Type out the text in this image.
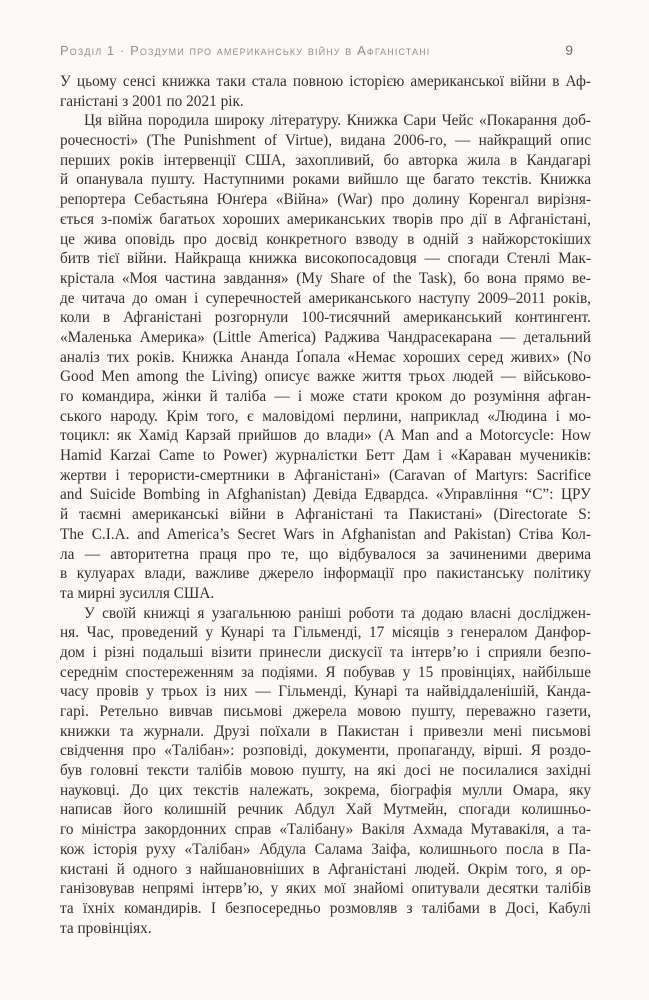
Розділ 1 · Роздуми про американську війну в Афганістані	9
У цьому сенсі книжка таки стала повною історією американської війни в Аф-
ганістані з 2001 по 2021 рік.
Ця війна породила широку літературу. Книжка Сари Чейс «Покарання доб-
рочесності» (The Punishment of Virtue), видана 2006-го, — найкращий опис
перших років інтервенції США, захопливий, бо авторка жила в Кандагарі
й опанувала пушту. Наступними роками вийшло ще багато текстів. Книжка
репортера Себастьяна Юнґера «Війна» (War) про долину Коренгал вирізня-
ється з-поміж багатьох хороших американських творів про дії в Афганістані,
це жива оповідь про досвід конкретного взводу в одній з найжорстокіших
битв тієї війни. Найкраща книжка високопосадовця — спогади Стенлі Мак-
крістала «Моя частина завдання» (My Share of the Task), бо вона прямо ве-
де читача до оман і суперечностей американського наступу 2009–2011 років,
коли в Афганістані розгорнули 100-тисячний американський контингент.
«Маленька Америка» (Little America) Раджива Чандрасекарана — детальний
аналіз тих років. Книжка Ананда Ґопала «Немає хороших серед живих» (No
Good Men among the Living) описує важке життя трьох людей — військово-
го командира, жінки й таліба — і може стати кроком до розуміння афган-
ського народу. Крім того, є маловідомі перлини, наприклад «Людина і мо-
тоцикл: як Хамід Карзай прийшов до влади» (A Man and a Motorcycle: How
Hamid Karzai Came to Power) журналістки Бетт Дам і «Караван мучеників:
жертви і терористи-смертники в Афганістані» (Caravan of Martyrs: Sacrifice
and Suicide Bombing in Afghanistan) Девіда Едвардса. «Управління “С”: ЦРУ
й таємні американські війни в Афганістані та Пакистані» (Directorate S:
The C.I.A. and America’s Secret Wars in Afghanistan and Pakistan) Стіва Кол-
ла — авторитетна праця про те, що відбувалося за зачиненими дверима
в кулуарах влади, важливе джерело інформації про пакистанську політику
та мирні зусилля США.
У своїй книжці я узагальнюю раніші роботи та додаю власні досліджен-
ня. Час, проведений у Кунарі та Гільменді, 17 місяців з генералом Данфор-
дом і різні подальші візити принесли дискусії та інтерв’ю і сприяли безпо-
середнім спостереженням за подіями. Я побував у 15 провінціях, найбільше
часу провів у трьох із них — Гільменді, Кунарі та найвіддаленішій, Канда-
гарі. Ретельно вивчав письмові джерела мовою пушту, переважно газети,
книжки та журнали. Друзі поїхали в Пакистан і привезли мені письмові
свідчення про «Талібан»: розповіді, документи, пропаганду, вірші. Я роздо-
був головні тексти талібів мовою пушту, на які досі не посилалися західні
науковці. До цих текстів належать, зокрема, біографія мулли Омара, яку
написав його колишній речник Абдул Хай Мутмейн, спогади колишньо-
го міністра закордонних справ «Талібану» Вакіля Ахмада Мутавакіля, а та-
кож історія руху «Талібан» Абдула Салама Заіфа, колишнього посла в Па-
кистані й одного з найшановніших в Афганістані людей. Окрім того, я ор-
ганізовував непрямі інтерв’ю, у яких мої знайомі опитували десятки талібів
та їхніх командирів. І безпосередньо розмовляв з талібами в Досі, Кабулі
та провінціях.
